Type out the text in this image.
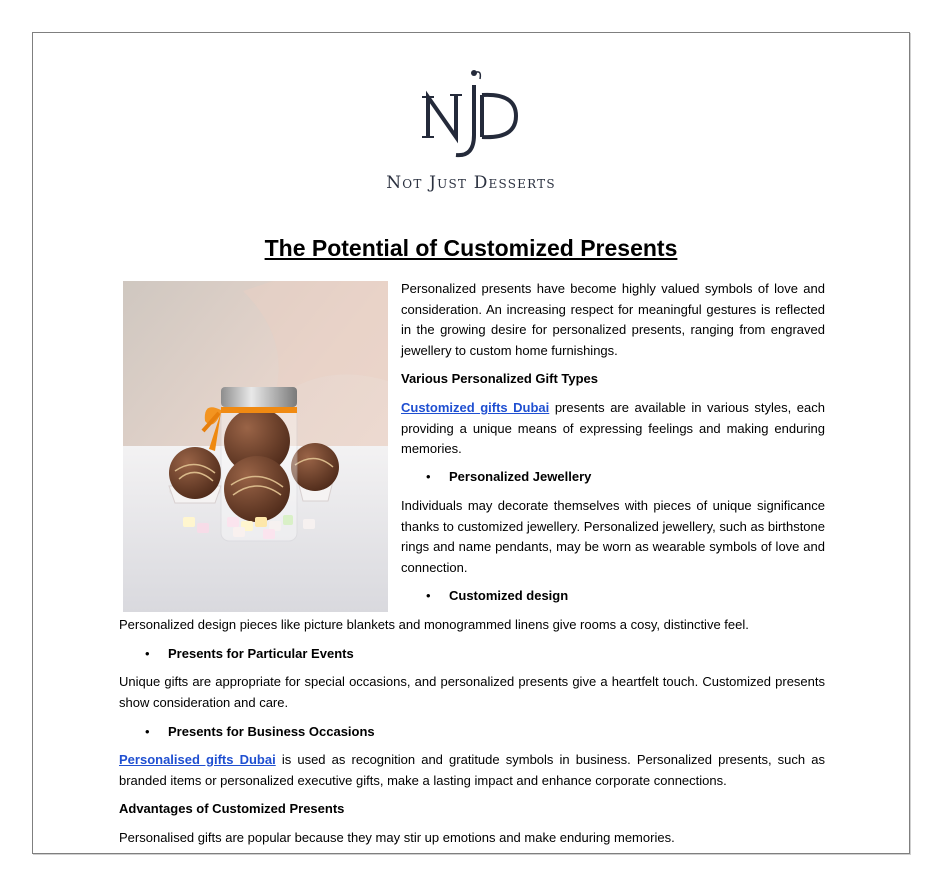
Not Just Desserts
The Potential of Customized Presents
Personalized presents have become highly valued symbols of love and consideration. An increasing respect for meaningful gestures is reflected in the growing desire for personalized presents, ranging from engraved jewellery to custom home furnishings.
Various Personalized Gift Types
Customized gifts Dubai presents are available in various styles, each providing a unique means of expressing feelings and making enduring memories.
• Personalized Jewellery
Individuals may decorate themselves with pieces of unique significance thanks to customized jewellery. Personalized jewellery, such as birthstone rings and name pendants, may be worn as wearable symbols of love and connection.
• Customized design
Personalized design pieces like picture blankets and monogrammed linens give rooms a cosy, distinctive feel.
• Presents for Particular Events
Unique gifts are appropriate for special occasions, and personalized presents give a heartfelt touch. Customized presents show consideration and care.
• Presents for Business Occasions
Personalised gifts Dubai is used as recognition and gratitude symbols in business. Personalized presents, such as branded items or personalized executive gifts, make a lasting impact and enhance corporate connections.
Advantages of Customized Presents
Personalised gifts are popular because they may stir up emotions and make enduring memories.
